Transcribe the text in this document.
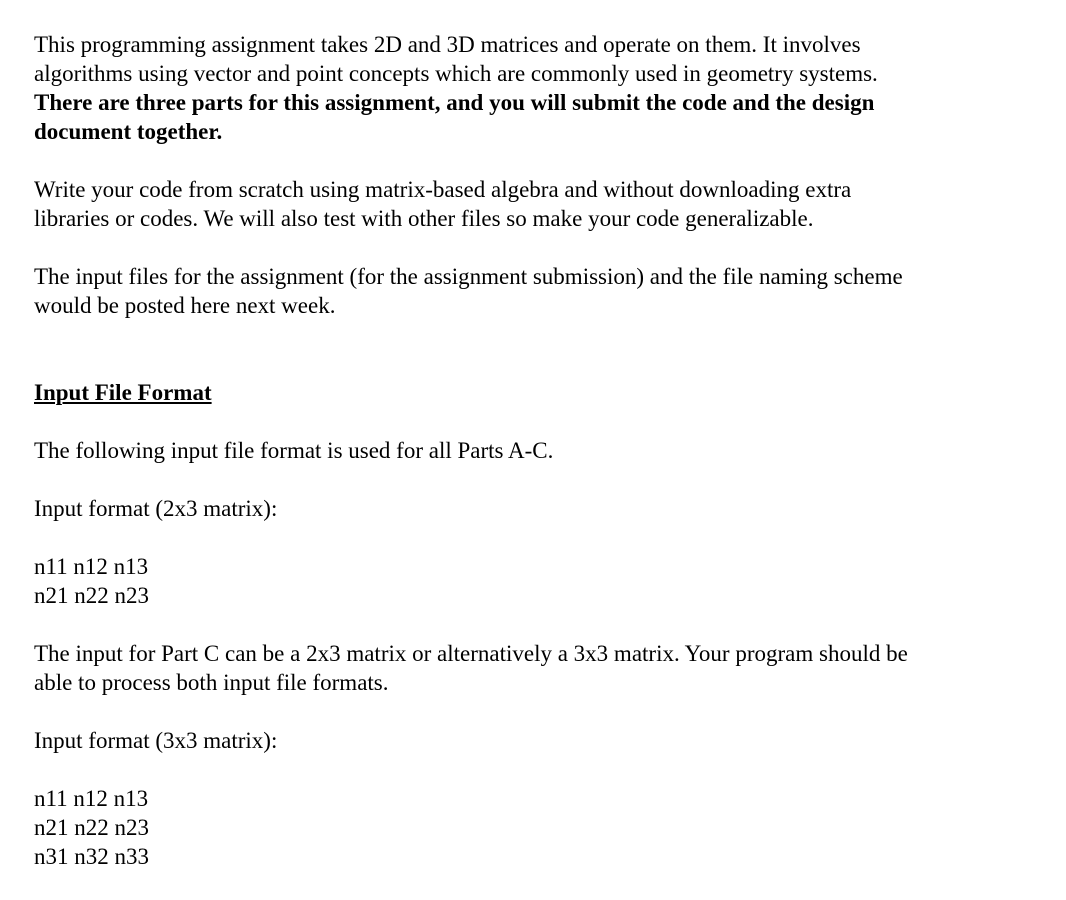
This programming assignment takes 2D and 3D matrices and operate on them. It involves

algorithms using vector and point concepts which are commonly used in geometry systems.

There are three parts for this assignment, and you will submit the code and the design

document together.

Write your code from scratch using matrix-based algebra and without downloading extra

libraries or codes. We will also test with other files so make your code generalizable.

The input files for the assignment (for the assignment submission) and the file naming scheme

would be posted here next week.

Input File Format

The following input file format is used for all Parts A-C.

Input format (2x3 matrix):

n11 n12 n13
n21 n22 n23

The input for Part C can be a 2x3 matrix or alternatively a 3x3 matrix. Your program should be

able to process both input file formats.

Input format (3x3 matrix):

n11 n12 n13
n21 n22 n23
n31 n32 n33
